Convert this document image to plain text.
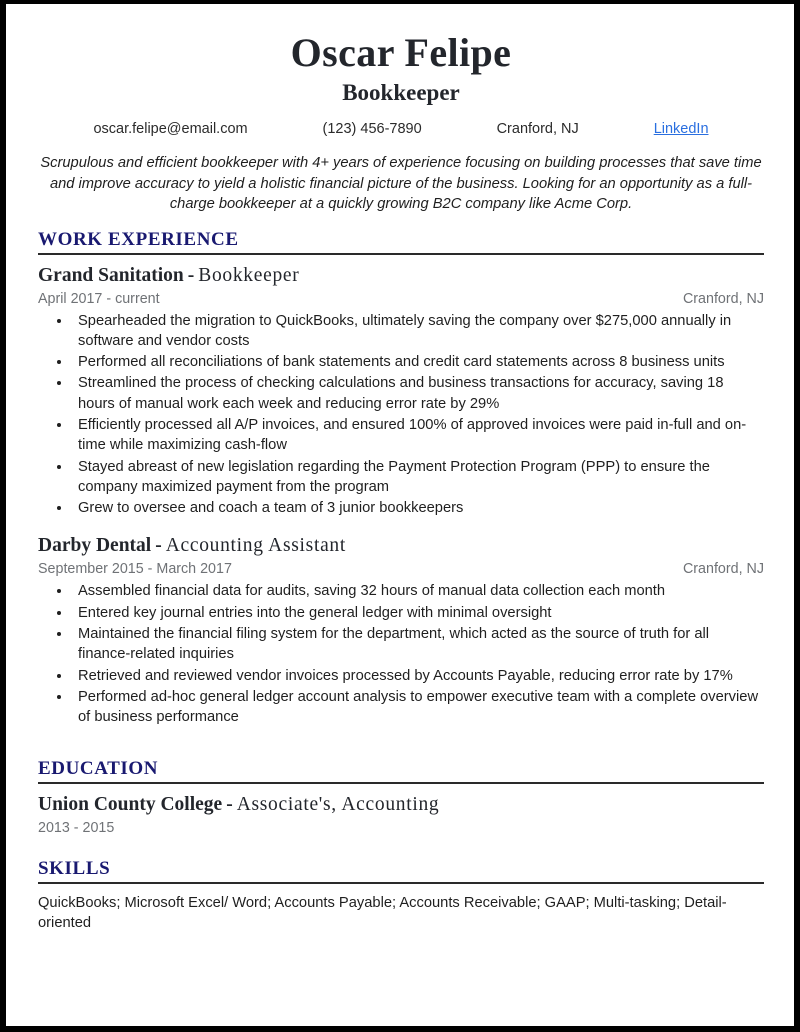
Oscar Felipe
Bookkeeper
oscar.felipe@email.com	(123) 456-7890	Cranford, NJ	LinkedIn
Scrupulous and efficient bookkeeper with 4+ years of experience focusing on building processes that save time and improve accuracy to yield a holistic financial picture of the business. Looking for an opportunity as a full-charge bookkeeper at a quickly growing B2C company like Acme Corp.
WORK EXPERIENCE
Grand Sanitation - Bookkeeper
April 2017 - current	Cranford, NJ
• Spearheaded the migration to QuickBooks, ultimately saving the company over $275,000 annually in software and vendor costs
• Performed all reconciliations of bank statements and credit card statements across 8 business units
• Streamlined the process of checking calculations and business transactions for accuracy, saving 18 hours of manual work each week and reducing error rate by 29%
• Efficiently processed all A/P invoices, and ensured 100% of approved invoices were paid in-full and on-time while maximizing cash-flow
• Stayed abreast of new legislation regarding the Payment Protection Program (PPP) to ensure the company maximized payment from the program
• Grew to oversee and coach a team of 3 junior bookkeepers
Darby Dental - Accounting Assistant
September 2015 - March 2017	Cranford, NJ
• Assembled financial data for audits, saving 32 hours of manual data collection each month
• Entered key journal entries into the general ledger with minimal oversight
• Maintained the financial filing system for the department, which acted as the source of truth for all finance-related inquiries
• Retrieved and reviewed vendor invoices processed by Accounts Payable, reducing error rate by 17%
• Performed ad-hoc general ledger account analysis to empower executive team with a complete overview of business performance
EDUCATION
Union County College - Associate's, Accounting
2013 - 2015
SKILLS
QuickBooks; Microsoft Excel/ Word; Accounts Payable; Accounts Receivable; GAAP; Multi-tasking; Detail-oriented
